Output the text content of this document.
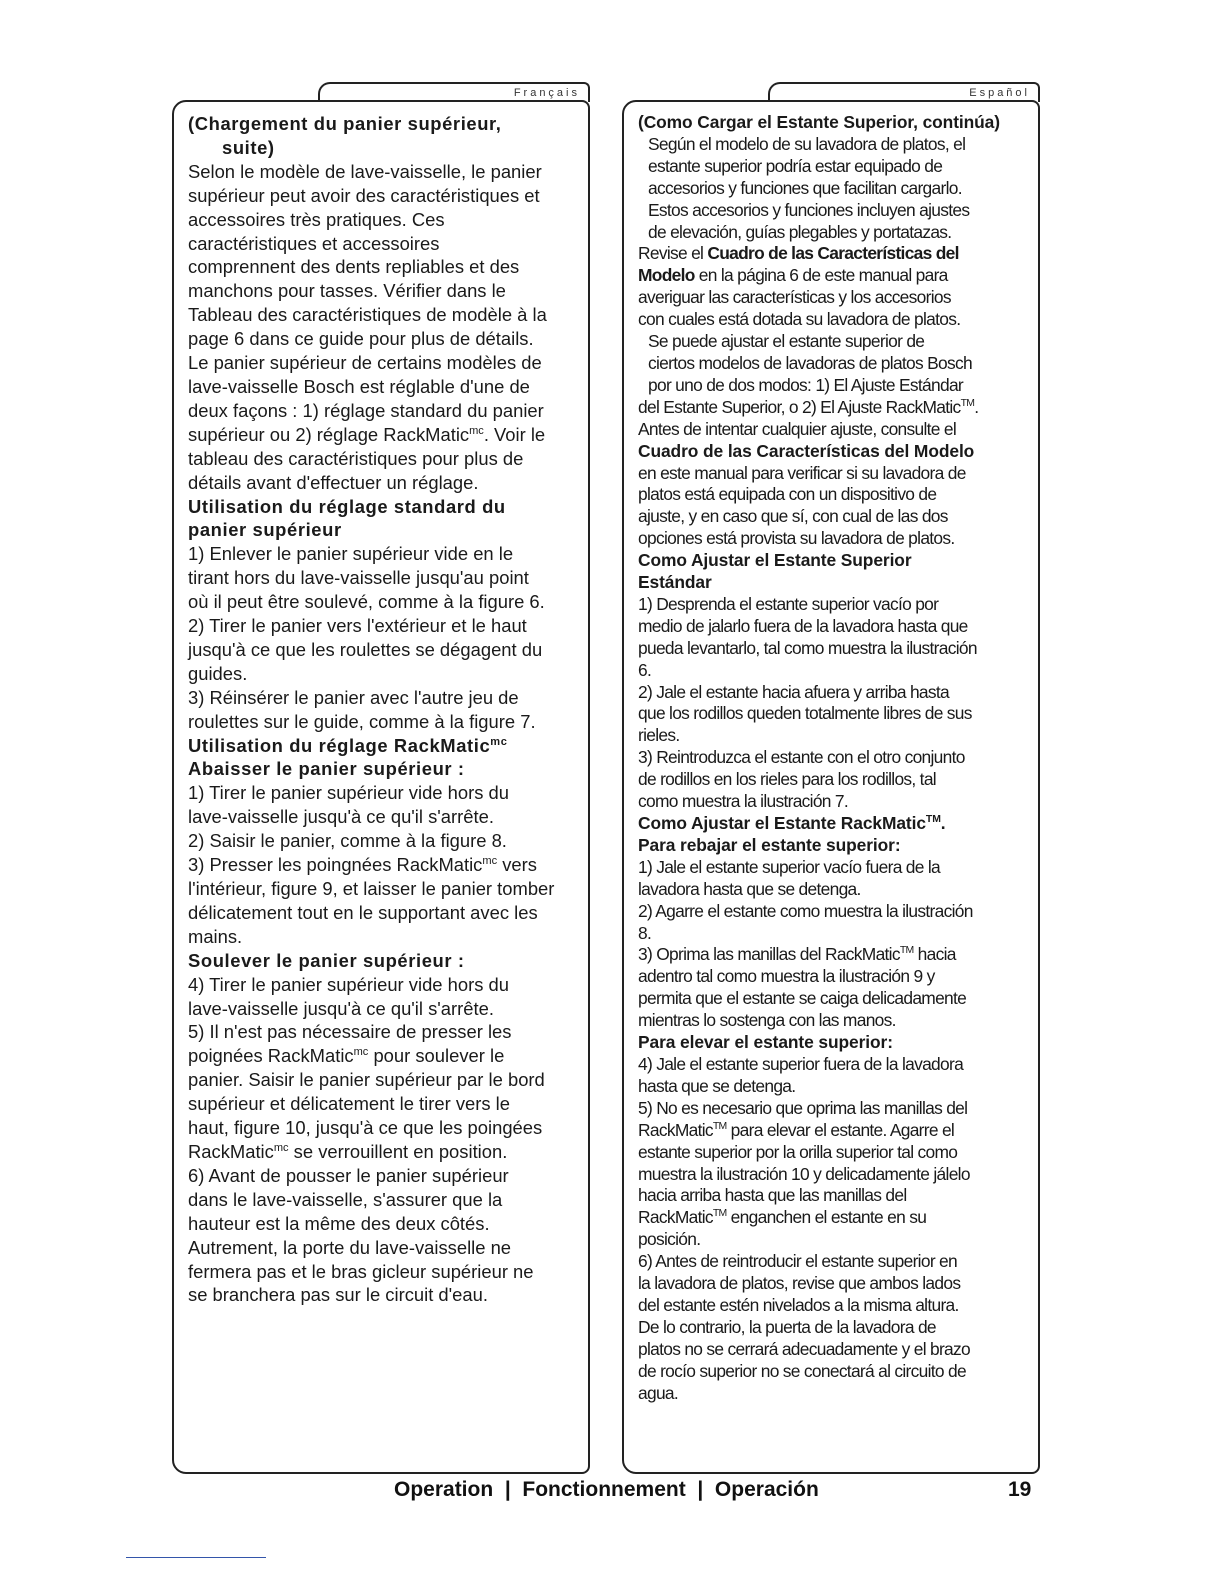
Français

(Chargement du panier supérieur,

suite)

Selon le modèle de lave-vaisselle, le panier

supérieur peut avoir des caractéristiques et

accessoires très pratiques. Ces

caractéristiques et accessoires

comprennent des dents repliables et des

manchons pour tasses. Vérifier dans le

Tableau des caractéristiques de modèle à la

page 6 dans ce guide pour plus de détails.

Le panier supérieur de certains modèles de

lave-vaisselle Bosch est réglable d'une de

deux façons : 1) réglage standard du panier

supérieur ou 2) réglage RackMatic$^{mc}$. Voir le

tableau des caractéristiques pour plus de

détails avant d'effectuer un réglage.

Utilisation du réglage standard du

panier supérieur

1) Enlever le panier supérieur vide en le

tirant hors du lave-vaisselle jusqu'au point

où il peut être soulevé, comme à la figure 6.

2) Tirer le panier vers l'extérieur et le haut

jusqu'à ce que les roulettes se dégagent du

guides.

3) Réinsérer le panier avec l'autre jeu de

roulettes sur le guide, comme à la figure 7.

Utilisation du réglage RackMatic$^{mc}$

Abaisser le panier supérieur :

1) Tirer le panier supérieur vide hors du

lave-vaisselle jusqu'à ce qu'il s'arrête.

2) Saisir le panier, comme à la figure 8.

3) Presser les poingnées RackMatic$^{mc}$ vers

l'intérieur, figure 9, et laisser le panier tomber

délicatement tout en le supportant avec les

mains.

Soulever le panier supérieur :

4) Tirer le panier supérieur vide hors du

lave-vaisselle jusqu'à ce qu'il s'arrête.

5) Il n'est pas nécessaire de presser les

poignées RackMatic$^{mc}$ pour soulever le

panier. Saisir le panier supérieur par le bord

supérieur et délicatement le tirer vers le

haut, figure 10, jusqu'à ce que les poingées

RackMatic$^{mc}$ se verrouillent en position.

6) Avant de pousser le panier supérieur

dans le lave-vaisselle, s'assurer que la

hauteur est la même des deux côtés.

Autrement, la porte du lave-vaisselle ne

fermera pas et le bras gicleur supérieur ne

se branchera pas sur le circuit d'eau.

Español

(Como Cargar el Estante Superior, continúa)

Según el modelo de su lavadora de platos, el

estante superior podría estar equipado de

accesorios y funciones que facilitan cargarlo.

Estos accesorios y funciones incluyen ajustes

de elevación, guías plegables y portatazas.

Revise el Cuadro de las Características del

Modelo en la página 6 de este manual para

averiguar las características y los accesorios

con cuales está dotada su lavadora de platos.

Se puede ajustar el estante superior de

ciertos modelos de lavadoras de platos Bosch

por uno de dos modos: 1) El Ajuste Estándar

del Estante Superior, o 2) El Ajuste RackMatic™.

Antes de intentar cualquier ajuste, consulte el

Cuadro de las Características del Modelo

en este manual para verificar si su lavadora de

platos está equipada con un dispositivo de

ajuste, y en caso que sí, con cual de las dos

opciones está provista su lavadora de platos.

Como Ajustar el Estante Superior

Estándar

1) Desprenda el estante superior vacío por

medio de jalarlo fuera de la lavadora hasta que

pueda levantarlo, tal como muestra la ilustración

6.

2) Jale el estante hacia afuera y arriba hasta

que los rodillos queden totalmente libres de sus

rieles.

3) Reintroduzca el estante con el otro conjunto

de rodillos en los rieles para los rodillos, tal

como muestra la ilustración 7.

Como Ajustar el Estante RackMatic™.

Para rebajar el estante superior:

1) Jale el estante superior vacío fuera de la

lavadora hasta que se detenga.

2) Agarre el estante como muestra la ilustración

8.

3) Oprima las manillas del RackMatic™ hacia

adentro tal como muestra la ilustración 9 y

permita que el estante se caiga delicadamente

mientras lo sostenga con las manos.

Para elevar el estante superior:

4) Jale el estante superior fuera de la lavadora

hasta que se detenga.

5) No es necesario que oprima las manillas del

RackMatic™ para elevar el estante. Agarre el

estante superior por la orilla superior tal como

muestra la ilustración 10 y delicadamente jálelo

hacia arriba hasta que las manillas del

RackMatic™ enganchen el estante en su

posición.

6) Antes de reintroducir el estante superior en

la lavadora de platos, revise que ambos lados

del estante estén nivelados a la misma altura.

De lo contrario, la puerta de la lavadora de

platos no se cerrará adecuadamente y el brazo

de rocío superior no se conectará al circuito de

agua.

Operation  |  Fonctionnement  |  Operación	19
